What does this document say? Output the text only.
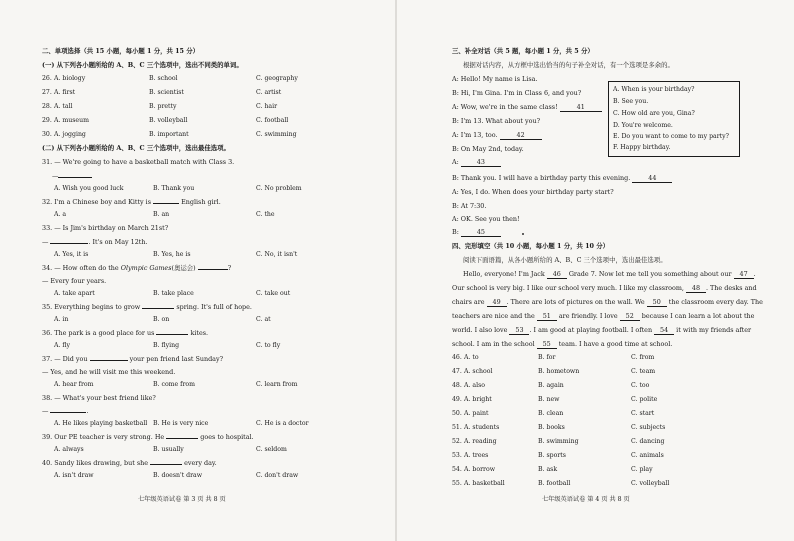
二、单项选择（共 15 小题，每小题 1 分，共 15 分）
(一) 从下列各小题所给的 A、B、C 三个选项中，选出不同类的单词。
26. A. biology	B. school	C. geography
27. A. first	B. scientist	C. artist
28. A. tall	B. pretty	C. hair
29. A. museum	B. volleyball	C. football
30. A. jogging	B. important	C. swimming
(二) 从下列各小题所给的 A、B、C 三个选项中，选出最佳选项。
31. — We're going to have a basketball match with Class 3.
—
A. Wish you good luck	B. Thank you	C. No problem
32. I'm a Chinese boy and Kitty is	English girl.
A. a	B. an	C. the
33. — Is Jim's birthday on March 21st?
—	. It's on May 12th.
A. Yes, it is	B. Yes, he is	C. No, it isn't
34. — How often do the Olympic Games(奥运会)	?
— Every four years.
A. take apart	B. take place	C. take out
35. Everything begins to grow	spring. It's full of hope.
A. in	B. on	C. at
36. The park is a good place for us	kites.
A. fly	B. flying	C. to fly
37. — Did you	your pen friend last Sunday?
— Yes, and he will visit me this weekend.
A. hear from	B. come from	C. learn from
38. — What's your best friend like?
—	.
A. He likes playing basketball B. He is very nice	C. He is a doctor
39. Our PE teacher is very strong. He	goes to hospital.
A. always	B. usually	C. seldom
40. Sandy likes drawing, but she	every day.
A. isn't draw	B. doesn't draw	C. don't draw
七年级英语试卷 第 3 页 共 8 页
三、补全对话（共 5 题，每小题 1 分，共 5 分）
根据对话内容，从方框中选出恰当的句子补全对话，有一个选项是多余的。
A: Hello! My name is Lisa.
B: Hi, I'm Gina. I'm in Class 6, and you?
A: Wow, we're in the same class!	41
B: I'm 13. What about you?
A: I'm 13, too.	42
B: On May 2nd, today.
A:	43
B: Thank you. I will have a birthday party this evening.	44
A: Yes, I do. When does your birthday party start?
B: At 7:30.
A: OK. See you then!
B:	45
A. When is your birthday?
B. See you.
C. How old are you, Gina?
D. You're welcome.
E. Do you want to come to my party?
F. Happy birthday.
四、完形填空（共 10 小题，每小题 1 分，共 10 分）
阅读下面语篇，从各小题所给的 A、B、C 三个选项中，选出最佳选项。
Hello, everyone! I'm Jack 46 Grade 7. Now let me tell you something about our 47 .
Our school is very big. I like our school very much. I like my classroom, 48 . The desks and
chairs are 49 . There are lots of pictures on the wall. We 50 the classroom every day. The
teachers are nice and the 51 are friendly. I love 52 because I can learn a lot about the
world. I also love 53 . I am good at playing football. I often 54 it with my friends after
school. I am in the school 55 team. I have a good time at school.
46. A. to	B. for	C. from
47. A. school	B. hometown	C. team
48. A. also	B. again	C. too
49. A. bright	B. new	C. polite
50. A. paint	B. clean	C. start
51. A. students	B. books	C. subjects
52. A. reading	B. swimming	C. dancing
53. A. trees	B. sports	C. animals
54. A. borrow	B. ask	C. play
55. A. basketball	B. football	C. volleyball
七年级英语试卷 第 4 页 共 8 页
